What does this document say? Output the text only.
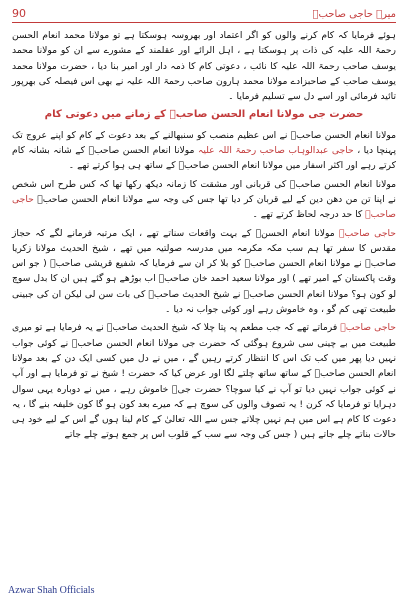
90	میرے حاجی صاحبؒ

ہوئے فرمایا کہ کام کرنے والوں کو اگر اعتماد اور بھروسہ ہوسکتا ہے تو مولانا محمد انعام الحسن رحمۃ اللہ علیہ کی ذات پر ہوسکتا ہے ، اہل الرائے اور عقلمند کے مشورے سے ان کو مولانا محمد یوسف صاحب رحمۃ اللہ علیہ کا نائب ، دعوتی کام کا ذمہ دار اور امیر بنا دیا ، حضرت مولانا محمد یوسف صاحب کے صاحبزادے مولانا محمد ہارون صاحب رحمۃ اللہ علیہ نے بھی اس فیصلہ کی بھرپور تائید فرمائی اور اسے دل سے تسلیم فرمایا ۔

حضرت جی مولانا انعام الحسن صاحبؒ کے زمانے میں دعوتی کام

مولانا انعام الحسن صاحبؒ نے اس عظیم منصب کو سنبھالنے کے بعد دعوت کے کام کو اپنے عروج تک پہنچا دیا ، حاجی عبدالوہاب صاحب رحمۃ اللہ علیہ مولانا انعام الحسن صاحبؒ کے شانہ بشانہ کام کرتے رہے اور اکثر اسفار میں مولانا انعام الحسن صاحبؒ کے ساتھ ہی ہوا کرتے تھے ۔

مولانا انعام الحسن صاحبؒ کی قربانی اور مشقت کا زمانہ دیکھ رکھا تھا کہ کس طرح اس شخص نے اپنا تن من دھن دین کے لیے قربان کر دیا تھا جس کی وجہ سے مولانا انعام الحسن صاحبؒ حاجی صاحبؒ کا حد درجہ لحاظ کرتے تھے ۔

حاجی صاحبؒ مولانا انعام الحسنؒ کے بہت واقعات سناتے تھے ، ایک مرتبہ فرمانے لگے کہ حجاز مقدس کا سفر تھا ہم سب مکہ مکرمہ میں مدرسہ صولتیہ میں تھے ، شیخ الحدیث مولانا زکریا صاحبؒ نے مولانا انعام الحسن صاحبؒ کو بلا کر ان سے فرمایا کہ شفیع قریشی صاحبؒ ( جو اس وقت پاکستان کے امیر تھے ) اور مولانا سعید احمد خان صاحبؒ اب بوڑھے ہو گئے ہیں ان کا بدل سوچ لو کون ہو؟ مولانا انعام الحسن صاحبؒ نے شیخ الحدیث صاحبؒ کی بات سن لی لیکن ان کی جبینی طبیعت تھی کم گو ، وہ خاموش رہے اور کوئی جواب نہ دیا ۔

حاجی صاحبؒ فرماتے تھے کہ جب مطعم پہ پتا چلا کہ شیخ الحدیث صاحبؒ نے یہ فرمایا ہے تو میری طبیعت میں بے چینی سی شروع ہوگئی کہ حضرت جی مولانا انعام الحسن صاحبؒ نے کوئی جواب نہیں دیا پھر میں کب تک اس کا انتظار کرتے رہیں گے ، میں نے دل میں کسی ایک دن کے بعد مولانا انعام الحسن صاحبؒ کے ساتھ ساتھ چلتے لگا اور عرض کیا کہ حضرت ! شیخ نے تو فرمایا ہے اور آپ نے کوئی جواب نہیں دیا تو آپ نے کیا سوچا؟ حضرت جیؒ خاموش رہے ، میں نے دوبارہ یہی سوال دہرایا تو فرمایا کہ کرن ! یہ تصوف والوں کی سوچ ہے کہ میرے بعد کون ہو گا کون خلیفہ بنے گا ، یہ دعوت کا کام ہے اس میں ہم نہیں چلاتے جس سے اللہ تعالیٰ کے کام لینا ہوں گے اس کے لیے خود ہی حالات بناتے چلے جاتے ہیں ( جس کی وجہ سے سب کے قلوب اس پر جمع ہوتے چلے جاتے

Azwar Shah Officials
